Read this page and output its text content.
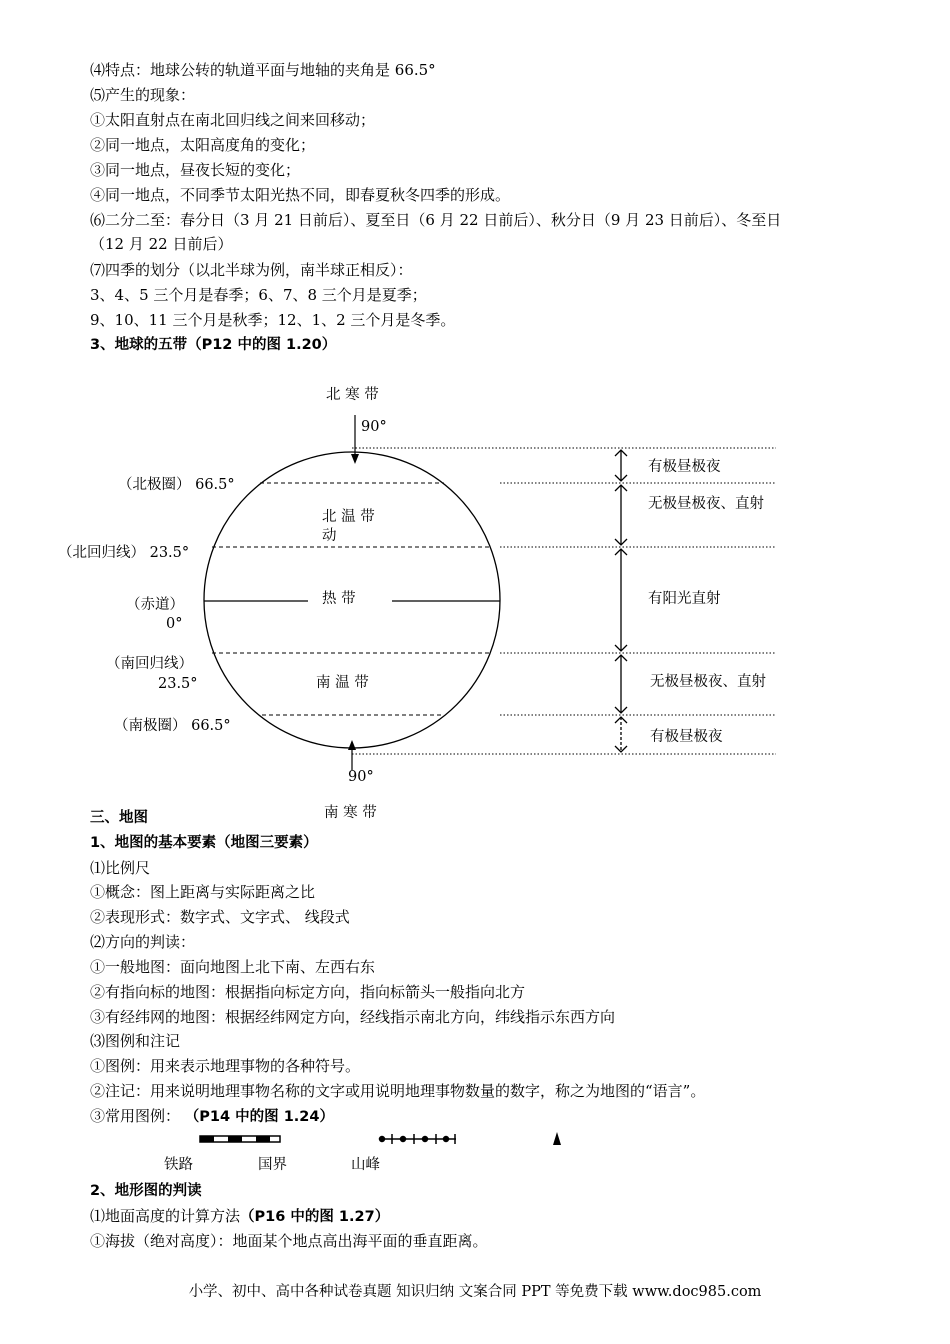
⑷特点：地球公转的轨道平面与地轴的夹角是 66.5°
⑸产生的现象：
①太阳直射点在南北回归线之间来回移动；
②同一地点，太阳高度角的变化；
③同一地点，昼夜长短的变化；
④同一地点，不同季节太阳光热不同，即春夏秋冬四季的形成。
⑹二分二至：春分日（3 月 21 日前后）、夏至日（6 月 22 日前后）、秋分日（9 月 23 日前后）、冬至日
（12 月 22 日前后）
⑺四季的划分（以北半球为例，南半球正相反）：
3、4、5 三个月是春季；6、7、8 三个月是夏季；
9、10、11 三个月是秋季；12、1、2 三个月是冬季。
3、地球的五带（P12 中的图 1.20）
北 寒 带
90°
（北极圈） 66.5°
（北回归线） 23.5°
（赤道）
0°
（南回归线）
23.5°
（南极圈） 66.5°
北 温 带
动
热 带
南 温 带
90°
南 寒 带
有极昼极夜
无极昼极夜、直射
有阳光直射
无极昼极夜、直射
有极昼极夜
三、地图
1、地图的基本要素（地图三要素）
⑴比例尺
①概念：图上距离与实际距离之比
②表现形式：数字式、文字式、 线段式
⑵方向的判读：
①一般地图：面向地图上北下南、左西右东
②有指向标的地图：根据指向标定方向，指向标箭头一般指向北方
③有经纬网的地图：根据经纬网定方向，经线指示南北方向，纬线指示东西方向
⑶图例和注记
①图例：用来表示地理事物的各种符号。
②注记：用来说明地理事物名称的文字或用说明地理事物数量的数字，称之为地图的“语言”。
③常用图例： （P14 中的图 1.24）
铁路	国界	山峰
2、地形图的判读
⑴地面高度的计算方法（P16 中的图 1.27）
①海拔（绝对高度）：地面某个地点高出海平面的垂直距离。
小学、初中、高中各种试卷真题 知识归纳 文案合同 PPT 等免费下载 www.doc985.com
